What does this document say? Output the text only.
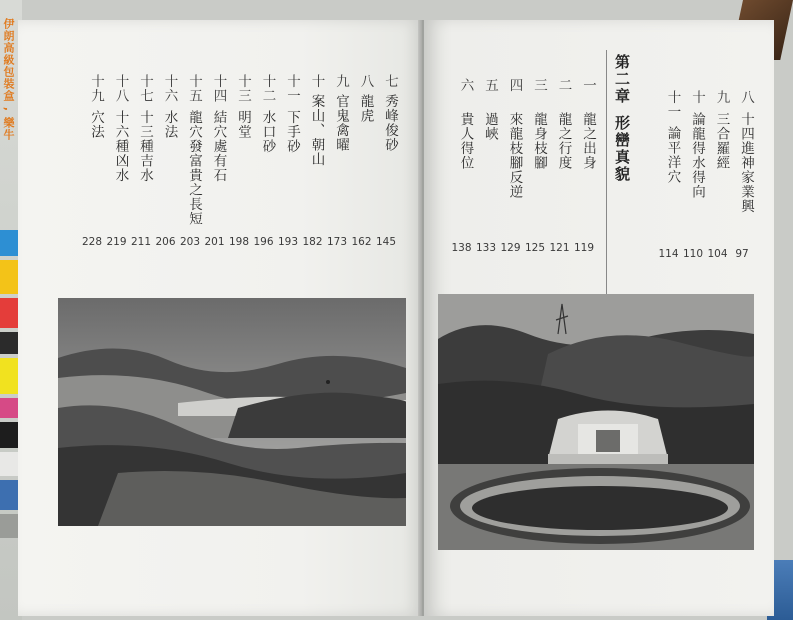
伊朗高級包裝盒 , 樂牛	七
秀峰俊砂
145
八
龍虎
162
九
官鬼禽曜
173
十
案山、朝山
182
十一
下手砂
193
十二
水口砂
196
十三
明堂
198
十四
結穴處有石
201
十五
龍穴發富貴之長短
203
十六
水法
206
十七
十三種吉水
211
十八
十六種凶水
219
十九
穴法
228
一
龍之出身
119
二
龍之行度
121
三
龍身枝腳
125
四
來龍枝腳反逆
129
五
過峽
133
六
貴人得位
138
第二章
形巒真貌
八
十四進神家業興
97
九
三合羅經
104
十
論龍得水得向
110
十一
論平洋穴
114
